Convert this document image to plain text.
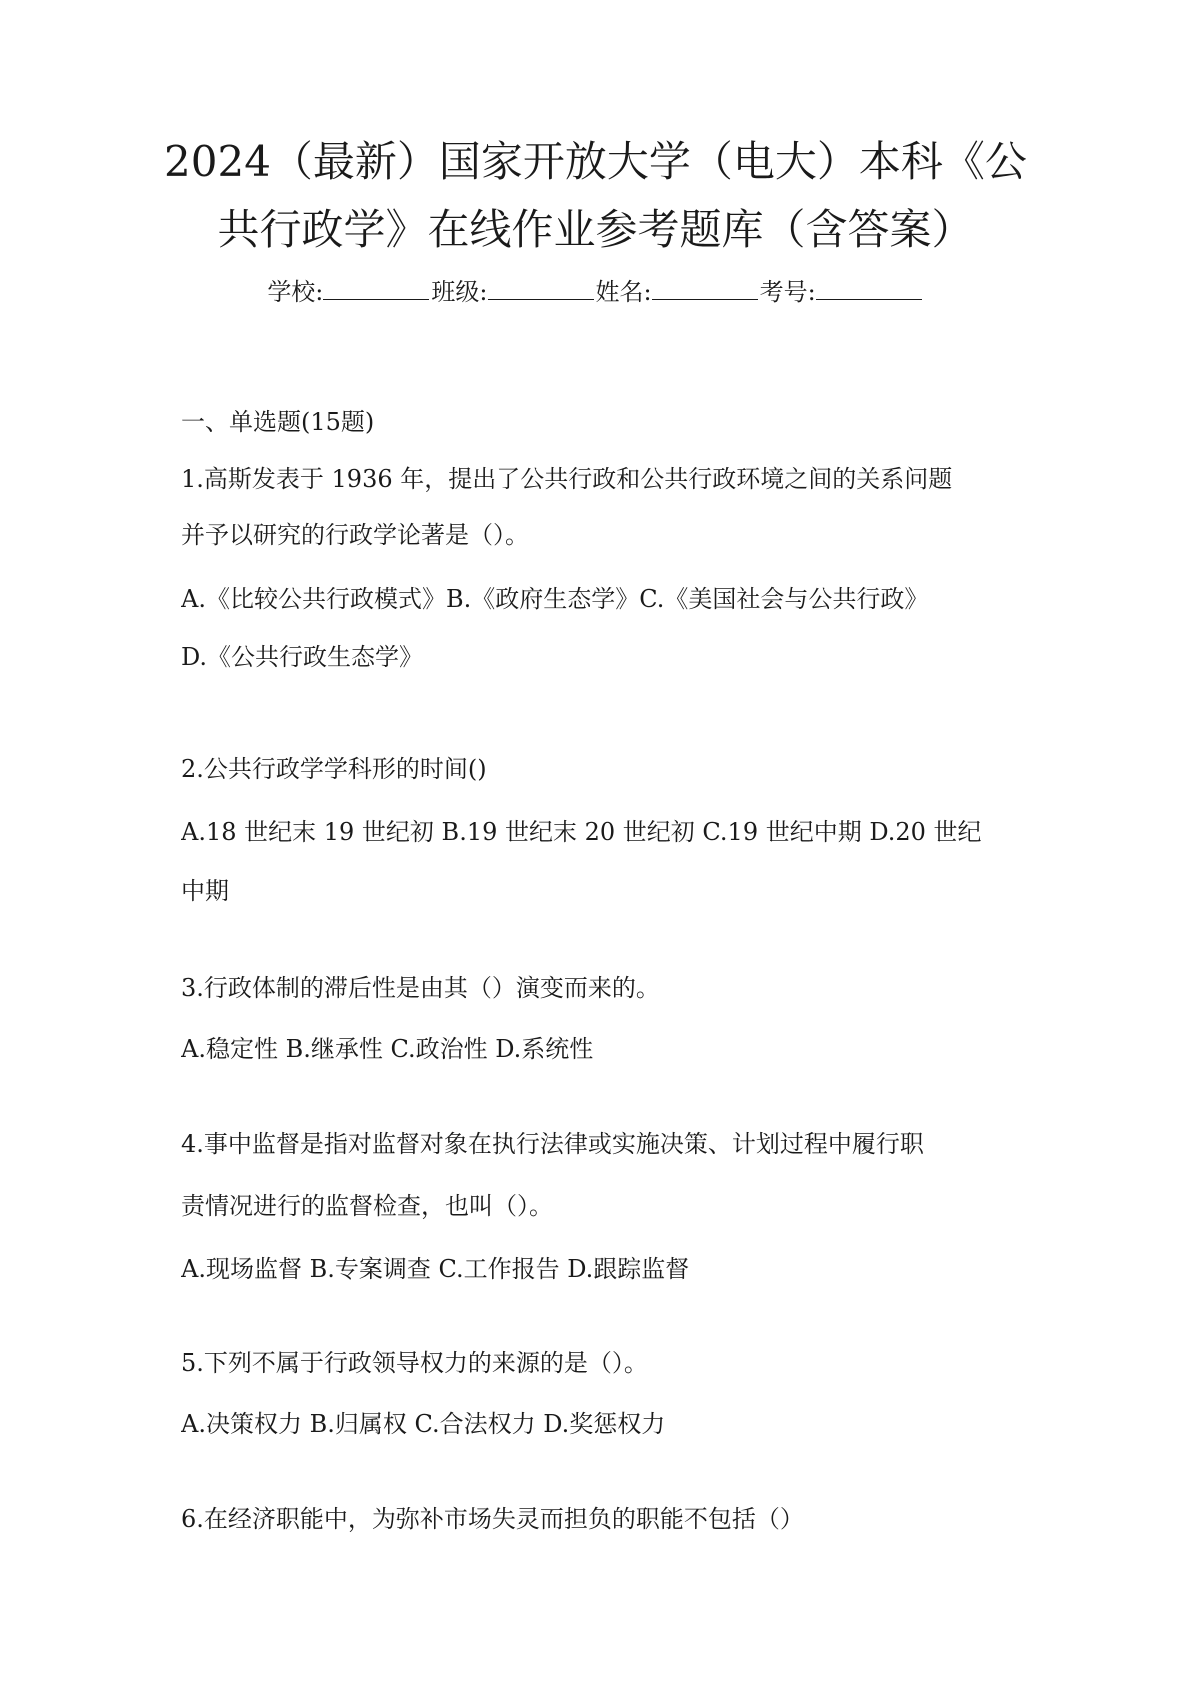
2024（最新）国家开放大学（电大）本科《公
共行政学》在线作业参考题库（含答案）
学校:	班级:	姓名:	考号:
一、单选题(15题)
1.高斯发表于 1936 年，提出了公共行政和公共行政环境之间的关系问题
并予以研究的行政学论著是（）。
A.《比较公共行政模式》B.《政府生态学》C.《美国社会与公共行政》
D.《公共行政生态学》
2.公共行政学学科形的时间()
A.18 世纪末 19 世纪初 B.19 世纪末 20 世纪初 C.19 世纪中期 D.20 世纪
中期
3.行政体制的滞后性是由其（）演变而来的。
A.稳定性 B.继承性 C.政治性 D.系统性
4.事中监督是指对监督对象在执行法律或实施决策、计划过程中履行职
责情况进行的监督检查，也叫（）。
A.现场监督 B.专案调查 C.工作报告 D.跟踪监督
5.下列不属于行政领导权力的来源的是（）。
A.决策权力 B.归属权 C.合法权力 D.奖惩权力
6.在经济职能中，为弥补市场失灵而担负的职能不包括（）
